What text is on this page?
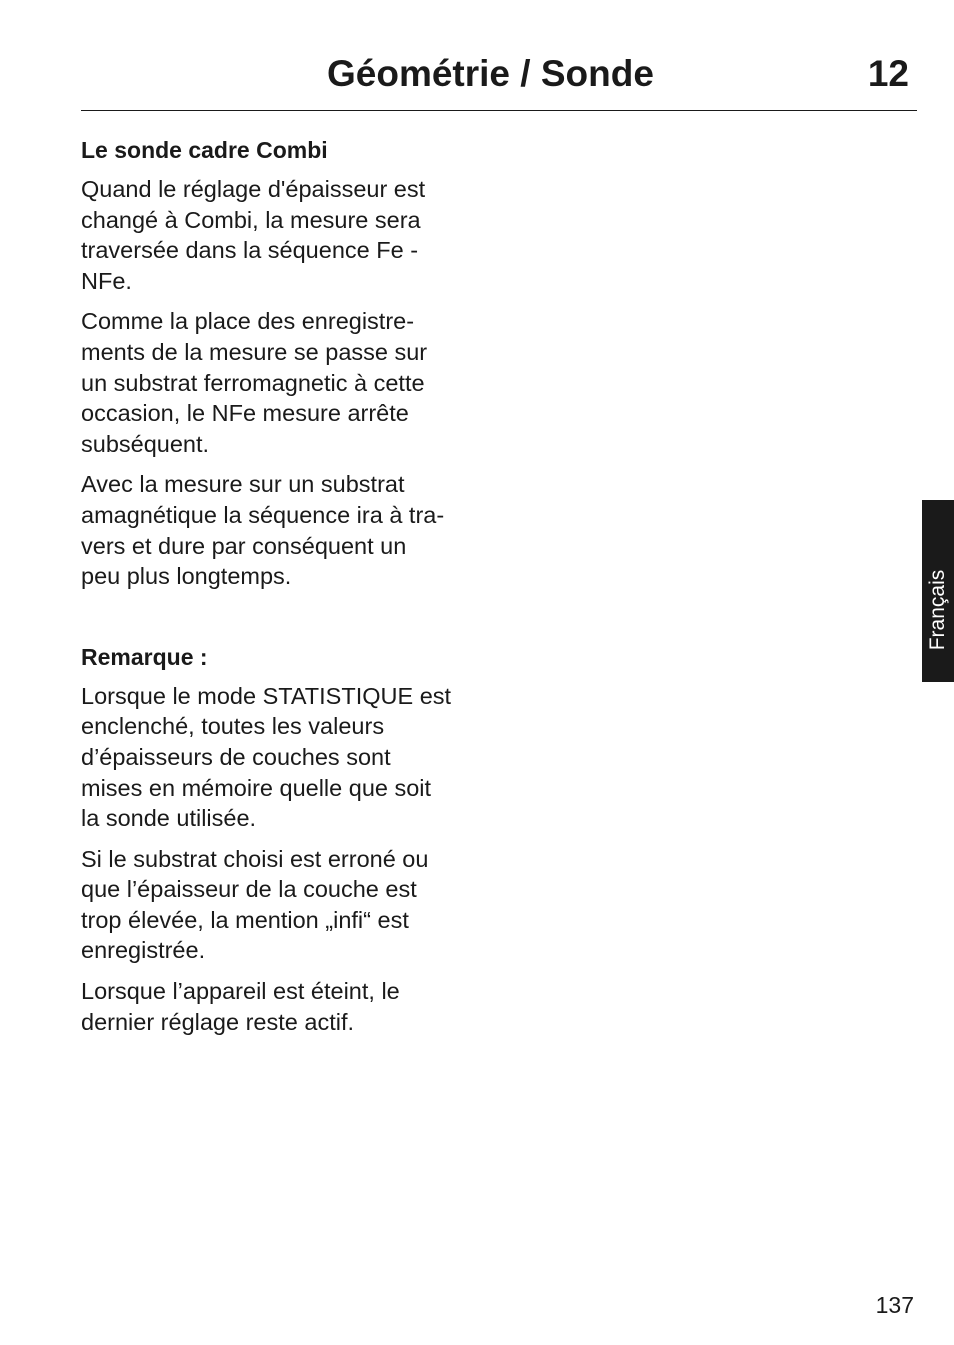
Géométrie / Sonde	12
Le sonde cadre Combi

Quand le réglage d'épaisseur est
changé à Combi, la mesure sera
traversée dans la séquence Fe -
NFe.

Comme la place des enregistre-
ments de la mesure se passe sur
un substrat ferromagnetic à cette
occasion, le NFe mesure arrête
subséquent.

Avec la mesure sur un substrat
amagnétique la séquence ira à tra-
vers et dure par conséquent un
peu plus longtemps.

Remarque :

Lorsque le mode STATISTIQUE est
enclenché, toutes les valeurs
d’épaisseurs de couches sont
mises en mémoire quelle que soit
la sonde utilisée.

Si le substrat choisi est erroné ou
que l’épaisseur de la couche est
trop élevée, la mention „infi“ est
enregistrée.

Lorsque l’appareil est éteint, le
dernier réglage reste actif.

Français
137
